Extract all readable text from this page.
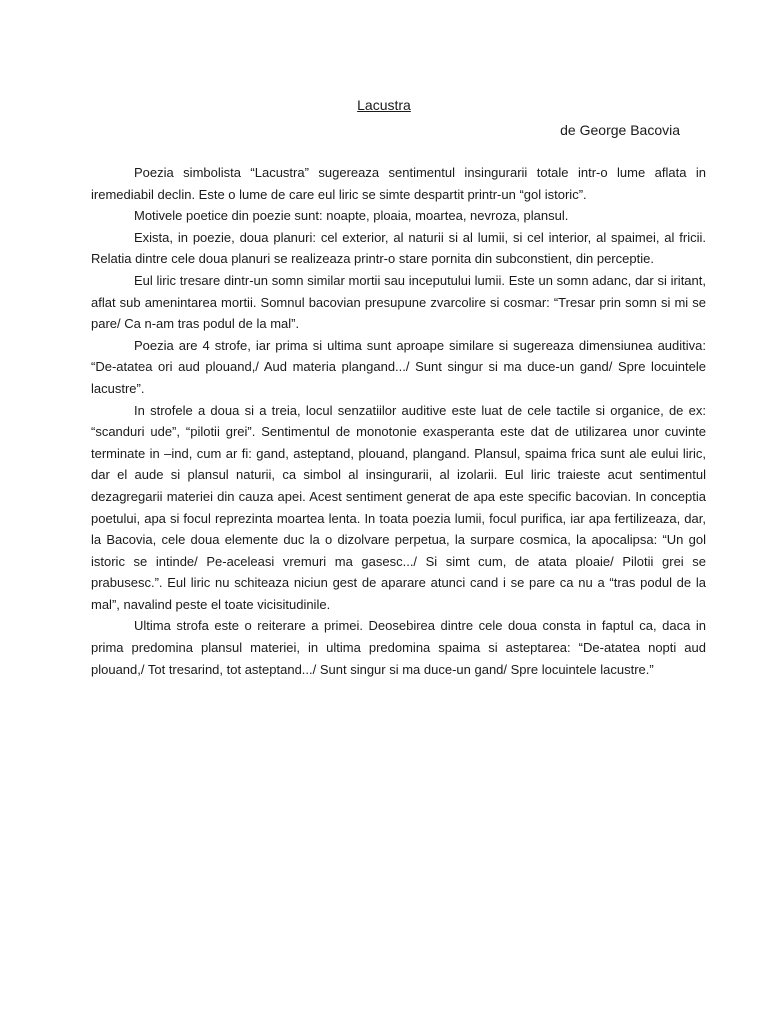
Lacustra
de George Bacovia

Poezia simbolista “Lacustra” sugereaza sentimentul insingurarii totale intr-o lume aflata in iremediabil declin. Este o lume de care eul liric se simte despartit printr-un “gol istoric”.

Motivele poetice din poezie sunt: noapte, ploaia, moartea, nevroza, plansul.

Exista, in poezie, doua planuri: cel exterior, al naturii si al lumii, si cel interior, al spaimei, al fricii. Relatia dintre cele doua planuri se realizeaza printr-o stare pornita din subconstient, din perceptie.

Eul liric tresare dintr-un somn similar mortii sau inceputului lumii. Este un somn adanc, dar si iritant, aflat sub amenintarea mortii. Somnul bacovian presupune zvarcolire si cosmar: “Tresar prin somn si mi se pare/ Ca n-am tras podul de la mal”.

Poezia are 4 strofe, iar prima si ultima sunt aproape similare si sugereaza dimensiunea auditiva: “De-atatea ori aud plouand,/ Aud materia plangand.../ Sunt singur si ma duce-un gand/ Spre locuintele lacustre”.

In strofele a doua si a treia, locul senzatiilor auditive este luat de cele tactile si organice, de ex: “scanduri ude”, “pilotii grei”. Sentimentul de monotonie exasperanta este dat de utilizarea unor cuvinte terminate in –ind, cum ar fi: gand, asteptand, plouand, plangand. Plansul, spaima frica sunt ale eului liric, dar el aude si plansul naturii, ca simbol al insingurarii, al izolarii. Eul liric traieste acut sentimentul dezagregarii materiei din cauza apei. Acest sentiment generat de apa este specific bacovian. In conceptia poetului, apa si focul reprezinta moartea lenta. In toata poezia lumii, focul purifica, iar apa fertilizeaza, dar, la Bacovia, cele doua elemente duc la o dizolvare perpetua, la surpare cosmica, la apocalipsa: “Un gol istoric se intinde/ Pe-aceleasi vremuri ma gasesc.../ Si simt cum, de atata ploaie/ Pilotii grei se prabusesc.”. Eul liric nu schiteaza niciun gest de aparare atunci cand i se pare ca nu a “tras podul de la mal”, navalind peste el toate vicisitudinile.

Ultima strofa este o reiterare a primei. Deosebirea dintre cele doua consta in faptul ca, daca in prima predomina plansul materiei, in ultima predomina spaima si asteptarea: “De-atatea nopti aud plouand,/ Tot tresarind, tot asteptand.../ Sunt singur si ma duce-un gand/ Spre locuintele lacustre.”
